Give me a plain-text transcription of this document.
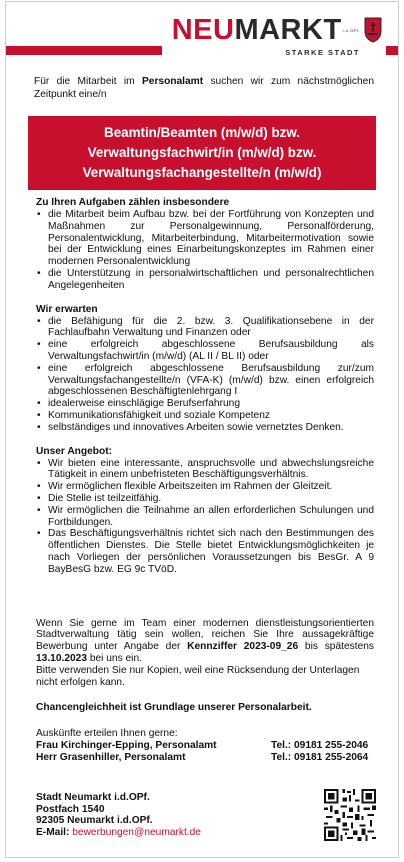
NEUMARKTi.d.OPf.
STARKE STADT
Für die Mitarbeit im Personalamt suchen wir zum nächstmöglichen Zeitpunkt eine/n
Beamtin/Beamten (m/w/d) bzw.
Verwaltungsfachwirt/in (m/w/d) bzw.
Verwaltungsfachangestellte/n (m/w/d)
Zu Ihren Aufgaben zählen insbesondere
• die Mitarbeit beim Aufbau bzw. bei der Fortführung von Konzepten und Maßnahmen zur Personalgewinnung, Personalförderung, Personalentwicklung, Mitarbeiterbindung, Mitarbeitermotivation sowie bei der Entwicklung eines Einarbeitungskonzeptes im Rahmen einer modernen Personalentwicklung
• die Unterstützung in personalwirtschaftlichen und personalrechtlichen Angelegenheiten
Wir erwarten
• die Befähigung für die 2. bzw. 3. Qualifikationsebene in der Fachlaufbahn Verwaltung und Finanzen oder
• eine erfolgreich abgeschlossene Berufsausbildung als Verwaltungsfachwirt/in (m/w/d) (AL II / BL II) oder
• eine erfolgreich abgeschlossene Berufsausbildung zur/zum Verwaltungsfachangestellte/n (VFA-K) (m/w/d) bzw. einen erfolgreich abgeschlossenen Beschäftigtenlehrgang I
• idealerweise einschlägige Berufserfahrung
• Kommunikationsfähigkeit und soziale Kompetenz
• selbständiges und innovatives Arbeiten sowie vernetztes Denken.
Unser Angebot:
• Wir bieten eine interessante, anspruchsvolle und abwechslungsreiche Tätigkeit in einem unbefristeten Beschäftigungsverhältnis.
• Wir ermöglichen flexible Arbeitszeiten im Rahmen der Gleitzeit.
• Die Stelle ist teilzeitfähig.
• Wir ermöglichen die Teilnahme an allen erforderlichen Schulungen und Fortbildungen.
• Das Beschäftigungsverhältnis richtet sich nach den Bestimmungen des öffentlichen Dienstes. Die Stelle bietet Entwicklungsmöglichkeiten je nach Vorliegen der persönlichen Voraussetzungen bis BesGr. A 9 BayBesG bzw. EG 9c TVöD.

Wenn Sie gerne im Team einer modernen dienstleistungsorientierten Stadtverwaltung tätig sein wollen, reichen Sie Ihre aussagekräftige Bewerbung unter Angabe der Kennziffer 2023-09_26 bis spätestens 13.10.2023 bei uns ein.

Bitte verwenden Sie nur Kopien, weil eine Rücksendung der Unterlagen nicht erfolgen kann.

Chancengleichheit ist Grundlage unserer Personalarbeit.

Auskünfte erteilen Ihnen gerne:

Frau Kirchinger-Epping, Personalamt	Tel.: 09181 255-2046
Herr Grasenhiller, Personalamt	Tel.: 09181 255-2064
Stadt Neumarkt i.d.OPf.
Postfach 1540
92305 Neumarkt i.d.OPf.
E-Mail: bewerbungen@neumarkt.de
